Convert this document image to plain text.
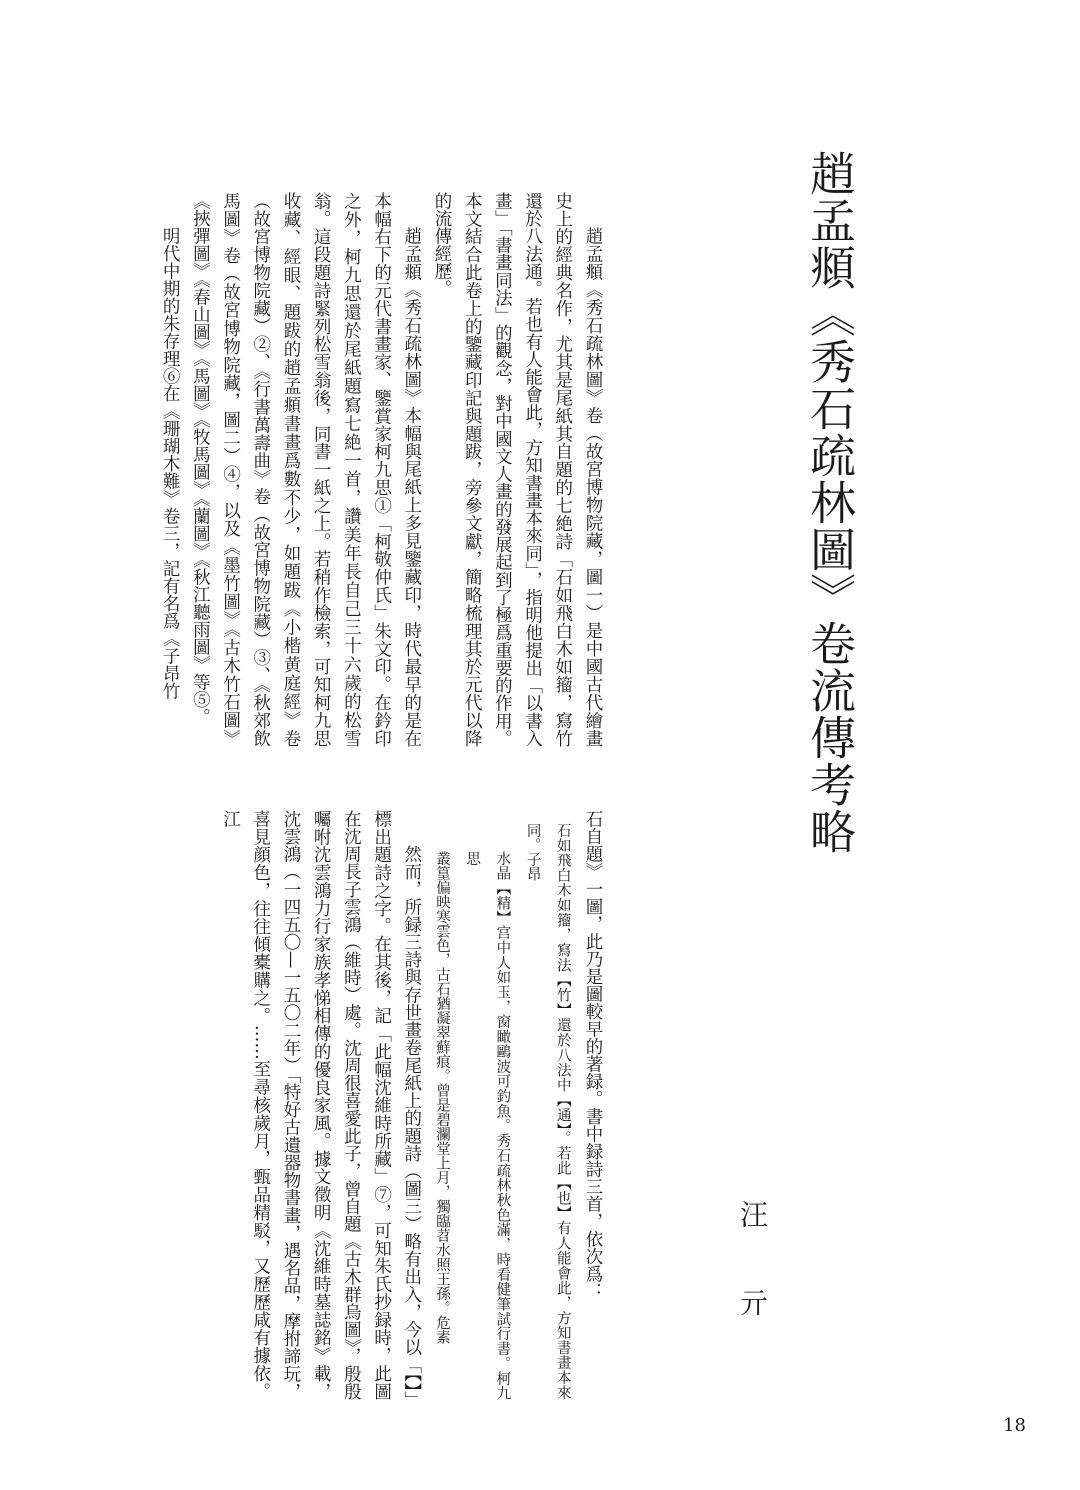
趙孟頫《秀石疏林圖》卷流傳考略
汪　亓

趙孟頫《秀石疏林圖》卷（故宮博物院藏，圖一）是中國古代繪畫史上的經典名作，尤其是尾紙其自題的七絶詩「石如飛白木如籀，寫竹還於八法通。若也有人能會此，方知書畫本來同」，指明他提出「以書入畫」「書畫同法」的觀念，對中國文人畫的發展起到了極爲重要的作用。本文結合此卷上的鑒藏印記與題跋，旁參文獻，簡略梳理其於元代以降的流傳經歷。

趙孟頫《秀石疏林圖》本幅與尾紙上多見鑒藏印，時代最早的是在本幅右下的元代書畫家、鑒賞家柯九思①「柯敬仲氏」朱文印。在鈐印之外，柯九思還於尾紙題寫七絶一首，讚美年長自己三十六歲的松雪翁。這段題詩緊列松雪翁後，同書一紙之上。若稍作檢索，可知柯九思收藏、經眼、題跋的趙孟頫書畫爲數不少，如題跋《小楷黄庭經》卷（故宮博物院藏）②、《行書萬壽曲》卷（故宮博物院藏）③、《秋郊飲馬圖》卷（故宮博物院藏，圖二）④，以及《墨竹圖》《古木竹石圖》《挾彈圖》《春山圖》《馬圖》《牧馬圖》《蘭圖》《秋江聽雨圖》等⑤。

明代中期的朱存理⑥在《珊瑚木難》卷三，記有名爲《子昂竹

石自題》一圖，此乃是圖較早的著録。書中録詩三首，依次爲：

石如飛白木如籀，寫法【竹】還於八法中【通】。若此【也】有人能會此，方知書畫本來同。子昂

水晶【精】宫中人如玉，窗瞰鷗波可釣魚。秀石疏林秋色滿，時看健筆試行書。柯九思

叢篁偏映寒雲色，古石猶凝翠蘚痕。曾是碧瀾堂上月，獨臨苕水照王孫。危素

然而，所録三詩與存世畫卷尾紙上的題詩（圖三）略有出入，今以「【】」標出題詩之字。在其後，記「此幅沈維時所藏」⑦，可知朱氏抄録時，此圖在沈周長子雲鴻（維時）處。沈周很喜愛此子，曾自題《古木群烏圖》，殷殷囑咐沈雲鴻力行家族孝悌相傳的優良家風。據文徵明《沈維時墓誌銘》載，沈雲鴻（一四五〇—一五〇二年）「特好古遺器物書畫，遇名品，摩拊諦玩，喜見顔色，往往傾橐購之。……至尋核歲月，甄品精駁，又歷歷咸有據依。江

18
